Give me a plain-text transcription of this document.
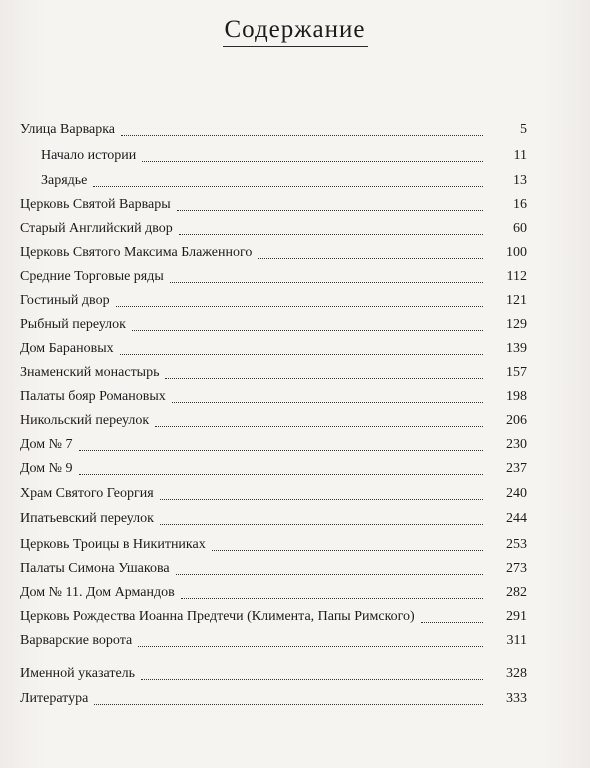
Содержание
Улица Варварка	5
Начало истории	11
Зарядье	13
Церковь Святой Варвары	16
Старый Английский двор	60
Церковь Святого Максима Блаженного	100
Средние Торговые ряды	112
Гостиный двор	121
Рыбный переулок	129
Дом Барановых	139
Знаменский монастырь	157
Палаты бояр Романовых	198
Никольский переулок	206
Дом № 7	230
Дом № 9	237
Храм Святого Георгия	240
Ипатьевский переулок	244
Церковь Троицы в Никитниках	253
Палаты Симона Ушакова	273
Дом № 11. Дом Армандов	282
Церковь Рождества Иоанна Предтечи (Климента, Папы Римского)	291
Варварские ворота	311
Именной указатель	328
Литература	333
